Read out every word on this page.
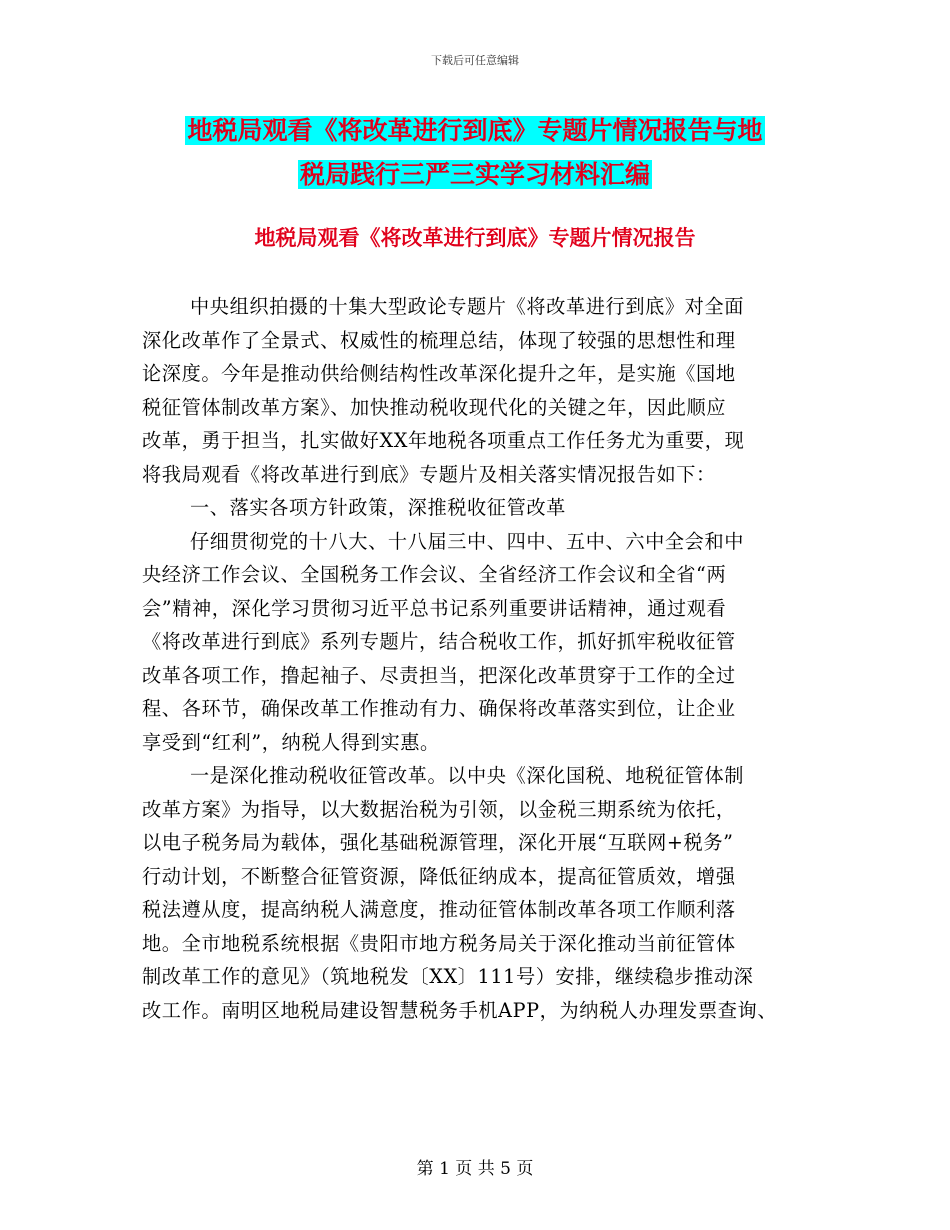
下载后可任意编辑
地税局观看《将改革进行到底》专题片情况报告与地
税局践行三严三实学习材料汇编
地税局观看《将改革进行到底》专题片情况报告
中央组织拍摄的十集大型政论专题片《将改革进行到底》对全面
深化改革作了全景式、权威性的梳理总结，体现了较强的思想性和理
论深度。今年是推动供给侧结构性改革深化提升之年，是实施《国地
税征管体制改革方案》、加快推动税收现代化的关键之年，因此顺应
改革，勇于担当，扎实做好XX年地税各项重点工作任务尤为重要，现
将我局观看《将改革进行到底》专题片及相关落实情况报告如下：
一、落实各项方针政策，深推税收征管改革
仔细贯彻党的十八大、十八届三中、四中、五中、六中全会和中
央经济工作会议、全国税务工作会议、全省经济工作会议和全省“两
会”精神，深化学习贯彻习近平总书记系列重要讲话精神，通过观看
《将改革进行到底》系列专题片，结合税收工作，抓好抓牢税收征管
改革各项工作，撸起袖子、尽责担当，把深化改革贯穿于工作的全过
程、各环节，确保改革工作推动有力、确保将改革落实到位，让企业
享受到“红利”，纳税人得到实惠。
一是深化推动税收征管改革。以中央《深化国税、地税征管体制
改革方案》为指导，以大数据治税为引领，以金税三期系统为依托，
以电子税务局为载体，强化基础税源管理，深化开展“互联网+税务”
行动计划，不断整合征管资源，降低征纳成本，提高征管质效，增强
税法遵从度，提高纳税人满意度，推动征管体制改革各项工作顺利落
地。全市地税系统根据《贵阳市地方税务局关于深化推动当前征管体
制改革工作的意见》（筑地税发〔XX〕111号）安排，继续稳步推动深
改工作。南明区地税局建设智慧税务手机APP，为纳税人办理发票查询、
第 1 页 共 5 页
